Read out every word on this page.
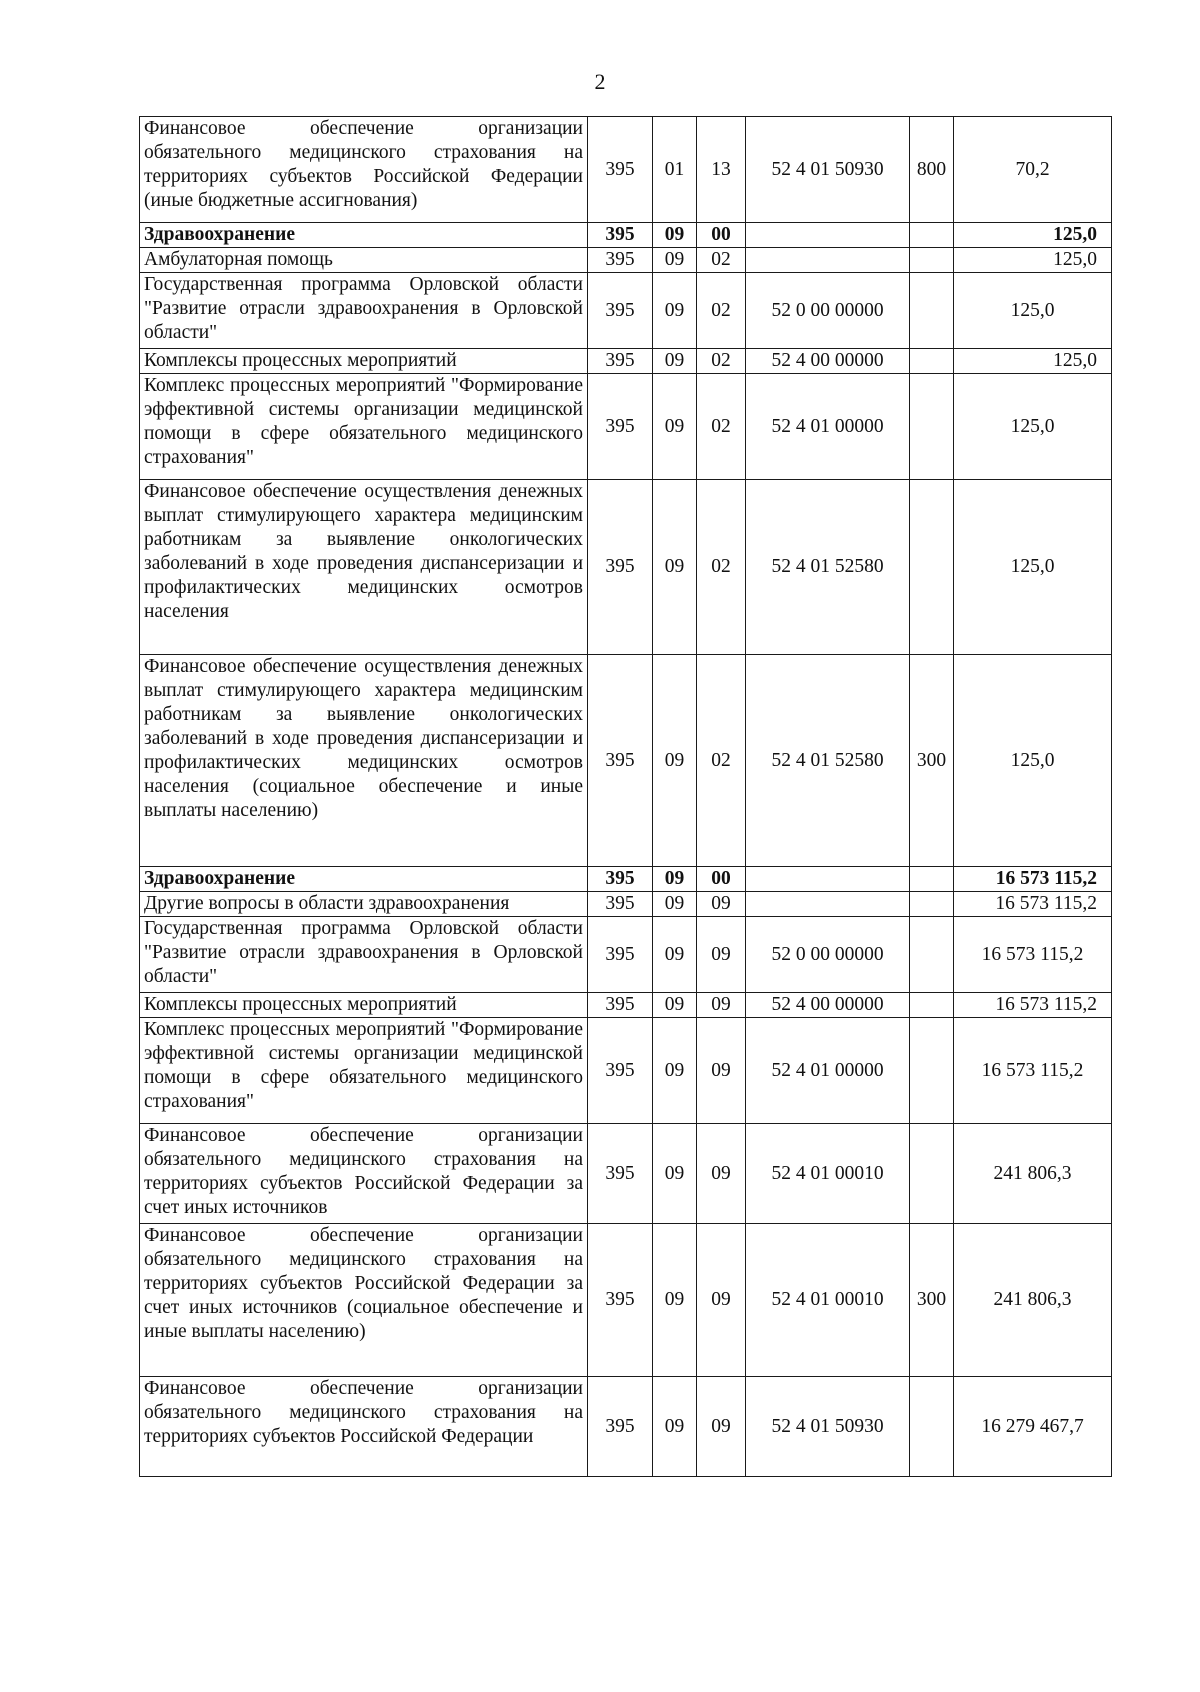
2
Финансовое обеспечение организации обязательного медицинского страхования на территориях субъектов Российской Федерации (иные бюджетные ассигнования)	395	01	13	52 4 01 50930	800	70,2
Здравоохранение	395	09	00			125,0
Амбулаторная помощь	395	09	02			125,0
Государственная программа Орловской области "Развитие отрасли здравоохранения в Орловской области"	395	09	02	52 0 00 00000		125,0
Комплексы процессных мероприятий	395	09	02	52 4 00 00000		125,0
Комплекс процессных мероприятий "Формирование эффективной системы организации медицинской помощи в сфере обязательного медицинского страхования"	395	09	02	52 4 01 00000		125,0
Финансовое обеспечение осуществления денежных выплат стимулирующего характера медицинским работникам за выявление онкологических заболеваний в ходе проведения диспансеризации и профилактических медицинских осмотров населения	395	09	02	52 4 01 52580		125,0
Финансовое обеспечение осуществления денежных выплат стимулирующего характера медицинским работникам за выявление онкологических заболеваний в ходе проведения диспансеризации и профилактических медицинских осмотров населения (социальное обеспечение и иные выплаты населению)	395	09	02	52 4 01 52580	300	125,0
Здравоохранение	395	09	00			16 573 115,2
Другие вопросы в области здравоохранения	395	09	09			16 573 115,2
Государственная программа Орловской области "Развитие отрасли здравоохранения в Орловской области"	395	09	09	52 0 00 00000		16 573 115,2
Комплексы процессных мероприятий	395	09	09	52 4 00 00000		16 573 115,2
Комплекс процессных мероприятий "Формирование эффективной системы организации медицинской помощи в сфере обязательного медицинского страхования"	395	09	09	52 4 01 00000		16 573 115,2
Финансовое обеспечение организации обязательного медицинского страхования на территориях субъектов Российской Федерации за счет иных источников	395	09	09	52 4 01 00010		241 806,3
Финансовое обеспечение организации обязательного медицинского страхования на территориях субъектов Российской Федерации за счет иных источников (социальное обеспечение и иные выплаты населению)	395	09	09	52 4 01 00010	300	241 806,3
Финансовое обеспечение организации обязательного медицинского страхования на территориях субъектов Российской Федерации	395	09	09	52 4 01 50930		16 279 467,7
